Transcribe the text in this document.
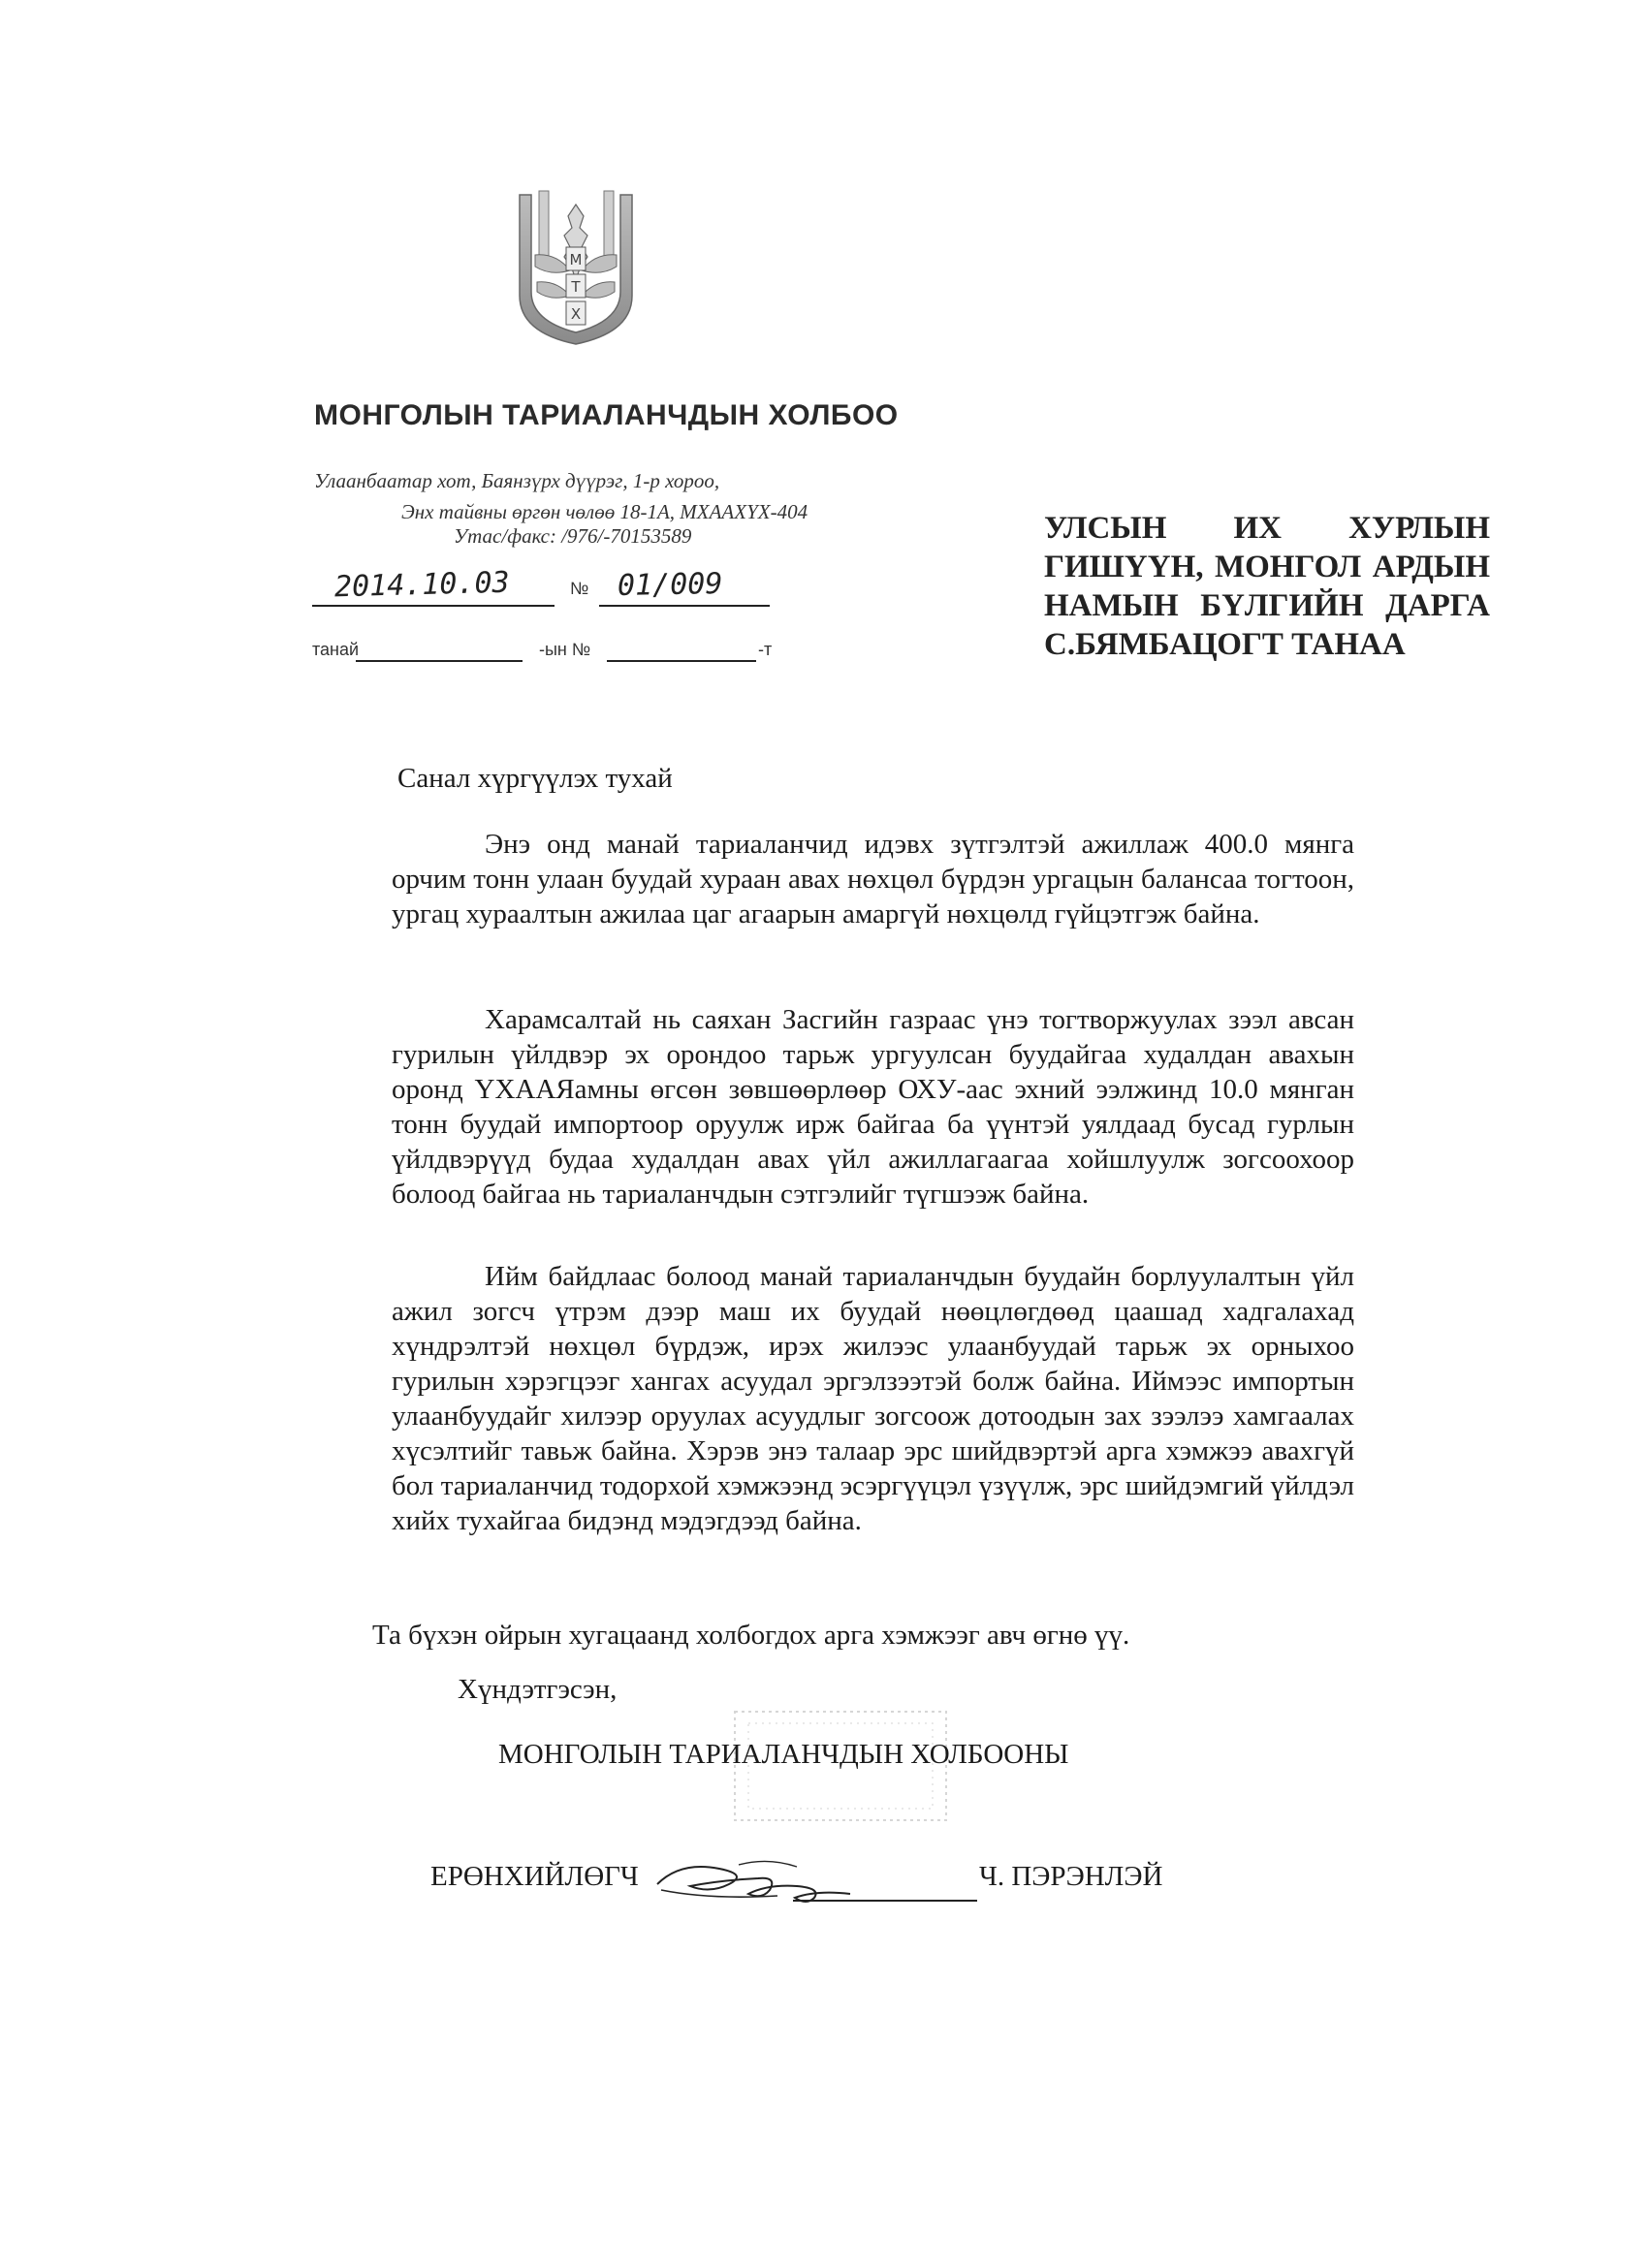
М
Т
Х
МОНГОЛЫН ТАРИАЛАНЧДЫН ХОЛБОО
Улаанбаатар хот, Баянзүрх дүүрэг, 1-р хороо,
Энх тайвны өргөн чөлөө 18-1А, МХААХҮХ-404
Утас/факс: /976/-70153589
2014.10.03	№ 01/009
танай	-ын №	-т
УЛСЫН ИХ ХУРЛЫН
ГИШҮҮН, МОНГОЛ АРДЫН
НАМЫН БҮЛГИЙН ДАРГА
С.БЯМБАЦОГТ ТАНАА
Санал хүргүүлэх тухай
Энэ онд манай тариаланчид идэвх зүтгэлтэй ажиллаж 400.0 мянга орчим тонн улаан буудай хураан авах нөхцөл бүрдэн ургацын балансаа тогтоон, ургац хураалтын ажилаа цаг агаарын амаргүй нөхцөлд гүйцэтгэж байна.
Харамсалтай нь саяхан Засгийн газраас үнэ тогтворжуулах зээл авсан гурилын үйлдвэр эх орондоо тарьж ургуулсан буудайгаа худалдан авахын оронд ҮХААЯамны өгсөн зөвшөөрлөөр ОХУ-аас эхний ээлжинд 10.0 мянган тонн буудай импортоор оруулж ирж байгаа ба үүнтэй уялдаад бусад гурлын үйлдвэрүүд будаа худалдан авах үйл ажиллагаагаа хойшлуулж зогсоохоор болоод байгаа нь тариаланчдын сэтгэлийг түгшээж байна.
Ийм байдлаас болоод манай тариаланчдын буудайн борлуулалтын үйл ажил зогсч үтрэм дээр маш их буудай нөөцлөгдөөд цаашад хадгалахад хүндрэлтэй нөхцөл бүрдэж, ирэх жилээс улаанбуудай тарьж эх орныхоо гурилын хэрэгцээг хангах асуудал эргэлзээтэй болж байна. Иймээс импортын улаанбуудайг хилээр оруулах асуудлыг зогсоож дотоодын зах зээлээ хамгаалах хүсэлтийг тавьж байна. Хэрэв энэ талаар эрс шийдвэртэй арга хэмжээ авахгүй бол тариаланчид тодорхой хэмжээнд эсэргүүцэл үзүүлж, эрс шийдэмгий үйлдэл хийх тухайгаа бидэнд мэдэгдээд байна.
Та бүхэн ойрын хугацаанд холбогдох арга хэмжээг авч өгнө үү.
Хүндэтгэсэн,
МОНГОЛЫН ТАРИАЛАНЧДЫН ХОЛБООНЫ
ЕРӨНХИЙЛӨГЧ	Ч. ПЭРЭНЛЭЙ
